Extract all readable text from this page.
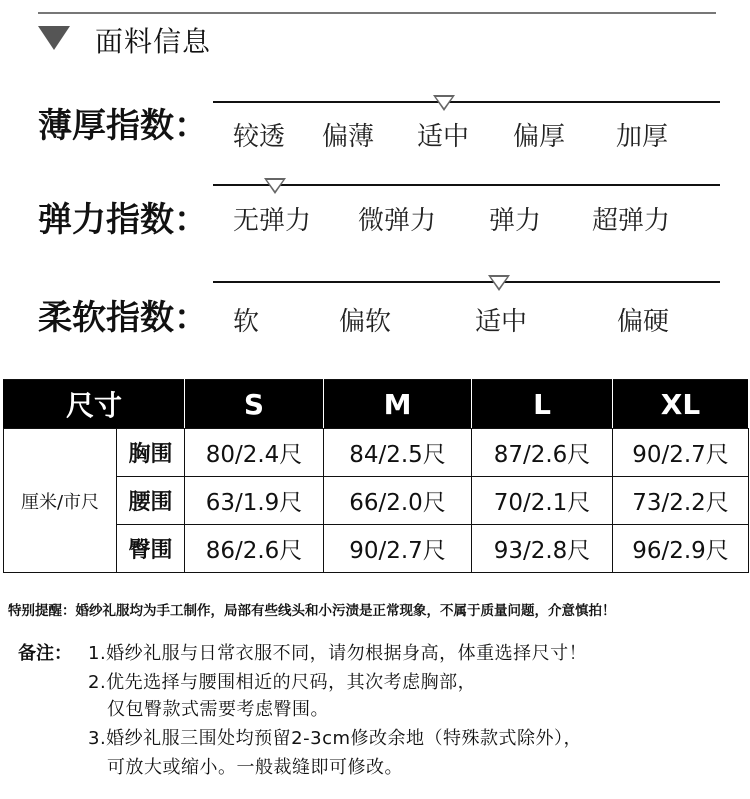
面料信息
薄厚指数： 较透 偏薄 适中 偏厚 加厚
弹力指数： 无弹力 微弹力 弹力 超弹力
柔软指数： 软	偏软	适中	偏硬
尺寸		S	M	L	XL
厘米/市尺	胸围	80/2.4尺	84/2.5尺	87/2.6尺	90/2.7尺
	腰围	63/1.9尺	66/2.0尺	70/2.1尺	73/2.2尺
	臀围	86/2.6尺	90/2.7尺	93/2.8尺	96/2.9尺
特别提醒：婚纱礼服均为手工制作，局部有些线头和小污渍是正常现象，不属于质量问题，介意慎拍！
备注： 1.婚纱礼服与日常衣服不同，请勿根据身高，体重选择尺寸！
2.优先选择与腰围相近的尺码，其次考虑胸部，
仅包臀款式需要考虑臀围。
3.婚纱礼服三围处均预留2-3cm修改余地（特殊款式除外），
可放大或缩小。一般裁缝即可修改。
